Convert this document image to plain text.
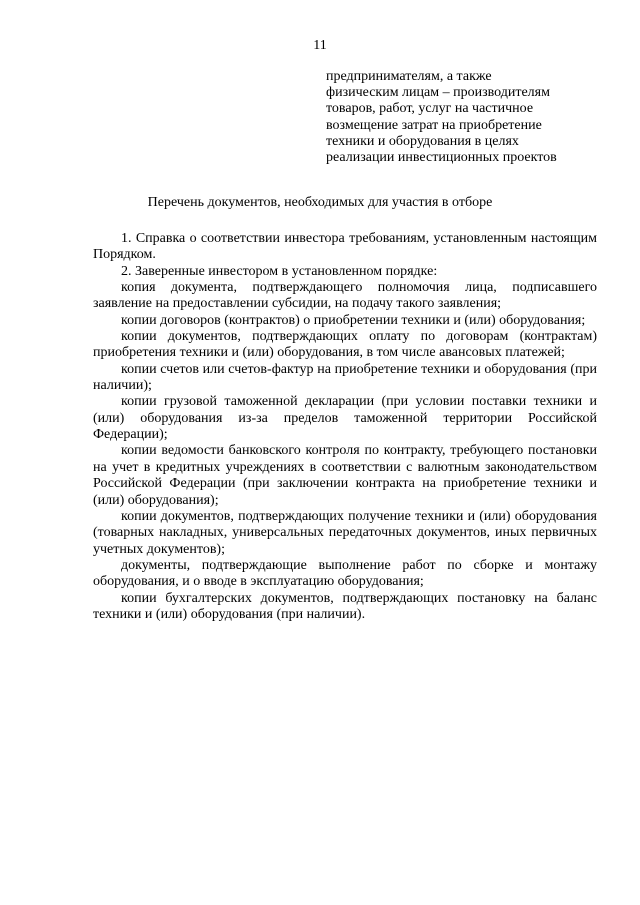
11
предпринимателям, а также
физическим лицам – производителям
товаров, работ, услуг на частичное
возмещение затрат на приобретение
техники и оборудования в целях
реализации инвестиционных проектов
Перечень документов, необходимых для участия в отборе

1. Справка о соответствии инвестора требованиям, установленным настоящим Порядком.

2. Заверенные инвестором в установленном порядке:

копия документа, подтверждающего полномочия лица, подписавшего заявление на предоставлении субсидии, на подачу такого заявления;

копии договоров (контрактов) о приобретении техники и (или) оборудования;

копии документов, подтверждающих оплату по договорам (контрактам) приобретения техники и (или) оборудования, в том числе авансовых платежей;

копии счетов или счетов-фактур на приобретение техники и оборудования (при наличии);

копии грузовой таможенной декларации (при условии поставки техники и (или) оборудования из-за пределов таможенной территории Российской Федерации);

копии ведомости банковского контроля по контракту, требующего постановки на учет в кредитных учреждениях в соответствии с валютным законодательством Российской Федерации (при заключении контракта на приобретение техники и (или) оборудования);

копии документов, подтверждающих получение техники и (или) оборудования (товарных накладных, универсальных передаточных документов, иных первичных учетных документов);

документы, подтверждающие выполнение работ по сборке и монтажу оборудования, и о вводе в эксплуатацию оборудования;

копии бухгалтерских документов, подтверждающих постановку на баланс техники и (или) оборудования (при наличии).
